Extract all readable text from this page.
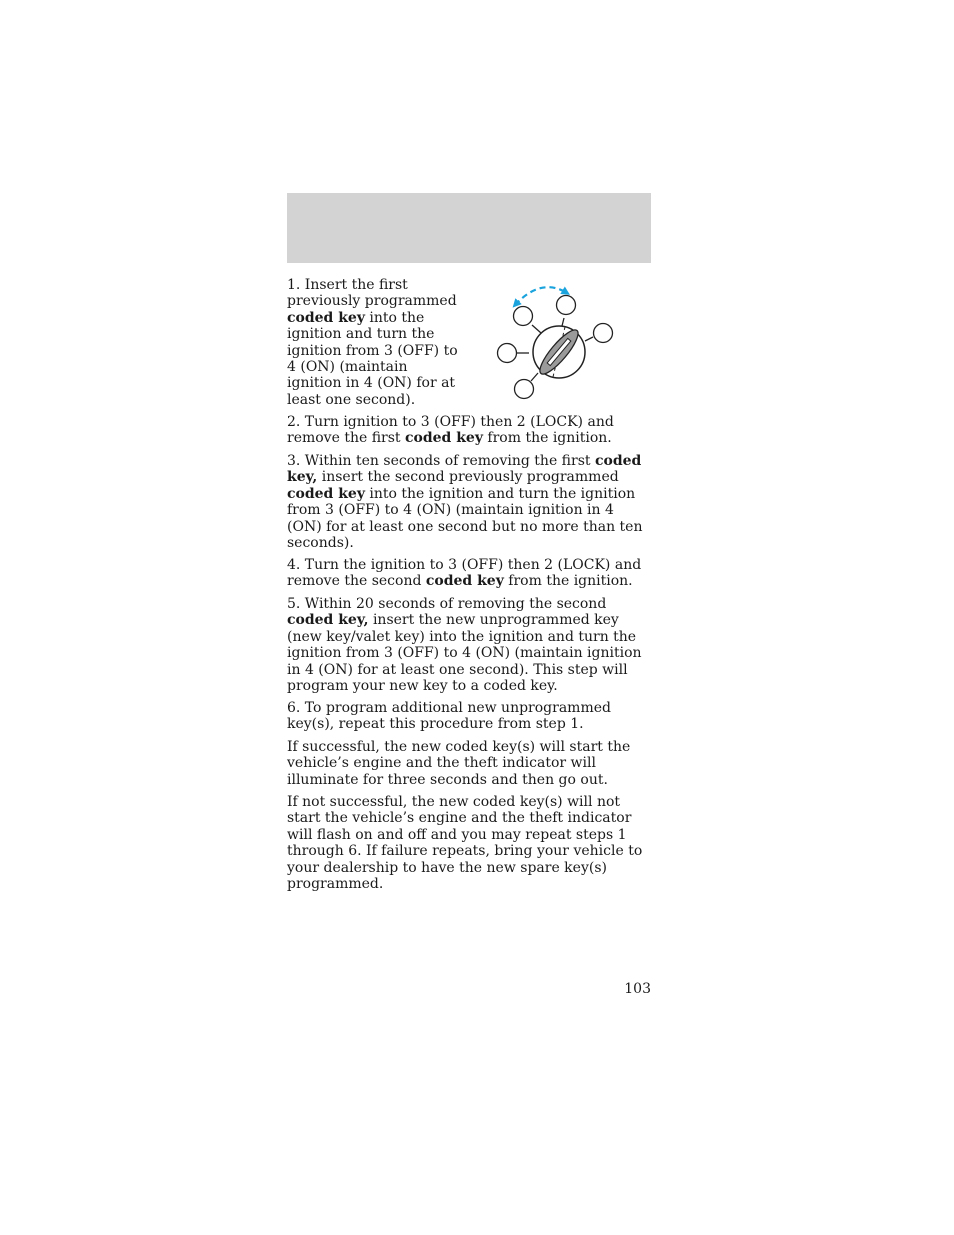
1. Insert the first previously programmed coded key into the ignition and turn the ignition from 3 (OFF) to 4 (ON) (maintain ignition in 4 (ON) for at least one second).

2. Turn ignition to 3 (OFF) then 2 (LOCK) and remove the first coded key from the ignition.

3. Within ten seconds of removing the first coded key, insert the second previously programmed coded key into the ignition and turn the ignition from 3 (OFF) to 4 (ON) (maintain ignition in 4 (ON) for at least one second but no more than ten seconds).

4. Turn the ignition to 3 (OFF) then 2 (LOCK) and remove the second coded key from the ignition.

5. Within 20 seconds of removing the second coded key, insert the new unprogrammed key (new key/valet key) into the ignition and turn the ignition from 3 (OFF) to 4 (ON) (maintain ignition in 4 (ON) for at least one second). This step will program your new key to a coded key.

6. To program additional new unprogrammed key(s), repeat this procedure from step 1.

If successful, the new coded key(s) will start the vehicle’s engine and the theft indicator will illuminate for three seconds and then go out.

If not successful, the new coded key(s) will not start the vehicle’s engine and the theft indicator will flash on and off and you may repeat steps 1 through 6. If failure repeats, bring your vehicle to your dealership to have the new spare key(s) programmed.

103
